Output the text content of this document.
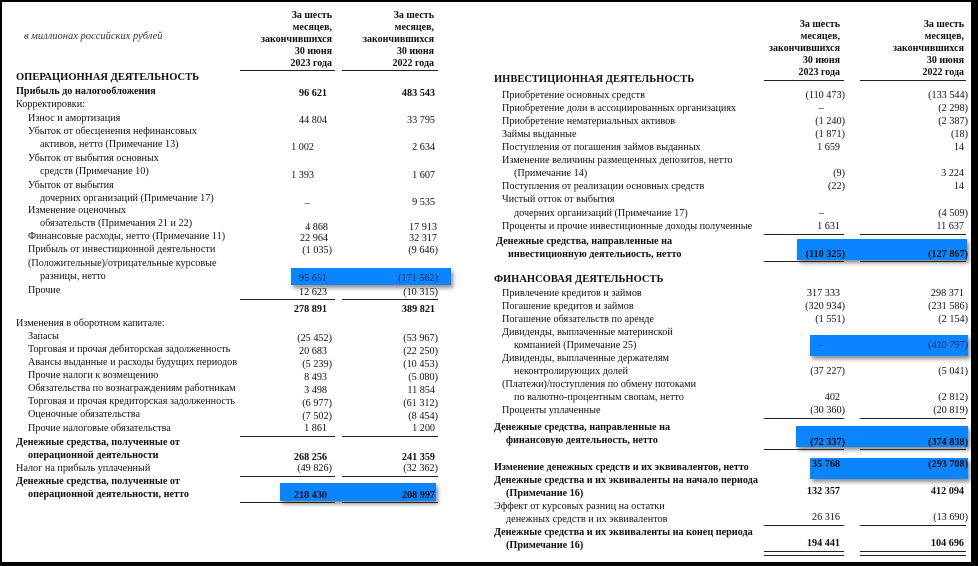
в миллионах российских рублей
За шесть
месяцев,
закончившихся
30 июня
2023 года
За шесть
месяцев,
закончившихся
30 июня
2022 года
ОПЕРАЦИОННАЯ ДЕЯТЕЛЬНОСТЬ
Прибыль до налогообложения	96 621	483 543
Корректировки:
Износ и амортизация	44 804	33 795
Убыток от обесценения нефинансовых
активов, нетто (Примечание 13)	1 002	2 634
Убыток от выбытия основных
средств (Примечание 10)	1 393	1 607
Убыток от выбытия
дочерних организаций (Примечание 17)	–	9 535
Изменение оценочных
обязательств (Примечания 21 и 22)	4 868	17 913
Финансовые расходы, нетто (Примечание 11)	22 964	32 317
Прибыль от инвестиционной деятельности	(1 035)	(9 646)
(Положительные)/отрицательные курсовые
разницы, нетто	95 651	(171 562)
Прочие	12 623	(10 315)
278 891	389 821
Изменения в оборотном капитале:
Запасы	(25 452)	(53 967)
Торговая и прочая дебиторская задолженность	20 683	(22 250)
Авансы выданные и расходы будущих периодов	(5 239)	(10 453)
Прочие налоги к возмещению	8 493	(5 080)
Обязательства по вознаграждениям работникам	3 498	11 854
Торговая и прочая кредиторская задолженность	(6 977)	(61 312)
Оценочные обязательства	(7 502)	(8 454)
Прочие налоговые обязательства	1 861	1 200
Денежные средства, полученные от
операционной деятельности	268 256	241 359
Налог на прибыль уплаченный	(49 826)	(32 362)
Денежные средства, полученные от
операционной деятельности, нетто	218 430	208 997
За шесть
месяцев,
закончившихся
30 июня
2023 года
За шесть
месяцев,
закончившихся
30 июня
2022 года
ИНВЕСТИЦИОННАЯ ДЕЯТЕЛЬНОСТЬ
Приобретение основных средств	(110 473)	(133 544)
Приобретение доли в ассоциированных организациях	–	(2 298)
Приобретение нематериальных активов	(1 240)	(2 387)
Займы выданные	(1 871)	(18)
Поступления от погашения займов выданных	1 659	14
Изменение величины размещенных депозитов, нетто
(Примечание 14)	(9)	3 224
Поступления от реализации основных средств	(22)	14
Чистый отток от выбытия
дочерних организаций (Примечание 17)	–	(4 509)
Проценты и прочие инвестиционные доходы полученные	1 631	11 637
Денежные средства, направленные на
инвестиционную деятельность, нетто	(110 325)	(127 867)
ФИНАНСОВАЯ ДЕЯТЕЛЬНОСТЬ
Привлечение кредитов и займов	317 333	298 371
Погашение кредитов и займов	(320 934)	(231 586)
Погашение обязательств по аренде	(1 551)	(2 154)
Дивиденды, выплаченные материнской
компанией (Примечание 25)	–	(410 797)
Дивиденды, выплаченные держателям
неконтролирующих долей	(37 227)	(5 041)
(Платежи)/поступления по обмену потоками
по валютно-процентным свопам, нетто	402	(2 812)
Проценты уплаченные	(30 360)	(20 819)
Денежные средства, направленные на
финансовую деятельность, нетто	(72 337)	(374 838)
Изменение денежных средств и их эквивалентов, нетто	35 768	(293 708)
Денежные средства и их эквиваленты на начало периода
(Примечание 16)	132 357	412 094
Эффект от курсовых разниц на остатки
денежных средств и их эквивалентов	26 316	(13 690)
Денежные средства и их эквиваленты на конец периода
(Примечание 16)	194 441	104 696
